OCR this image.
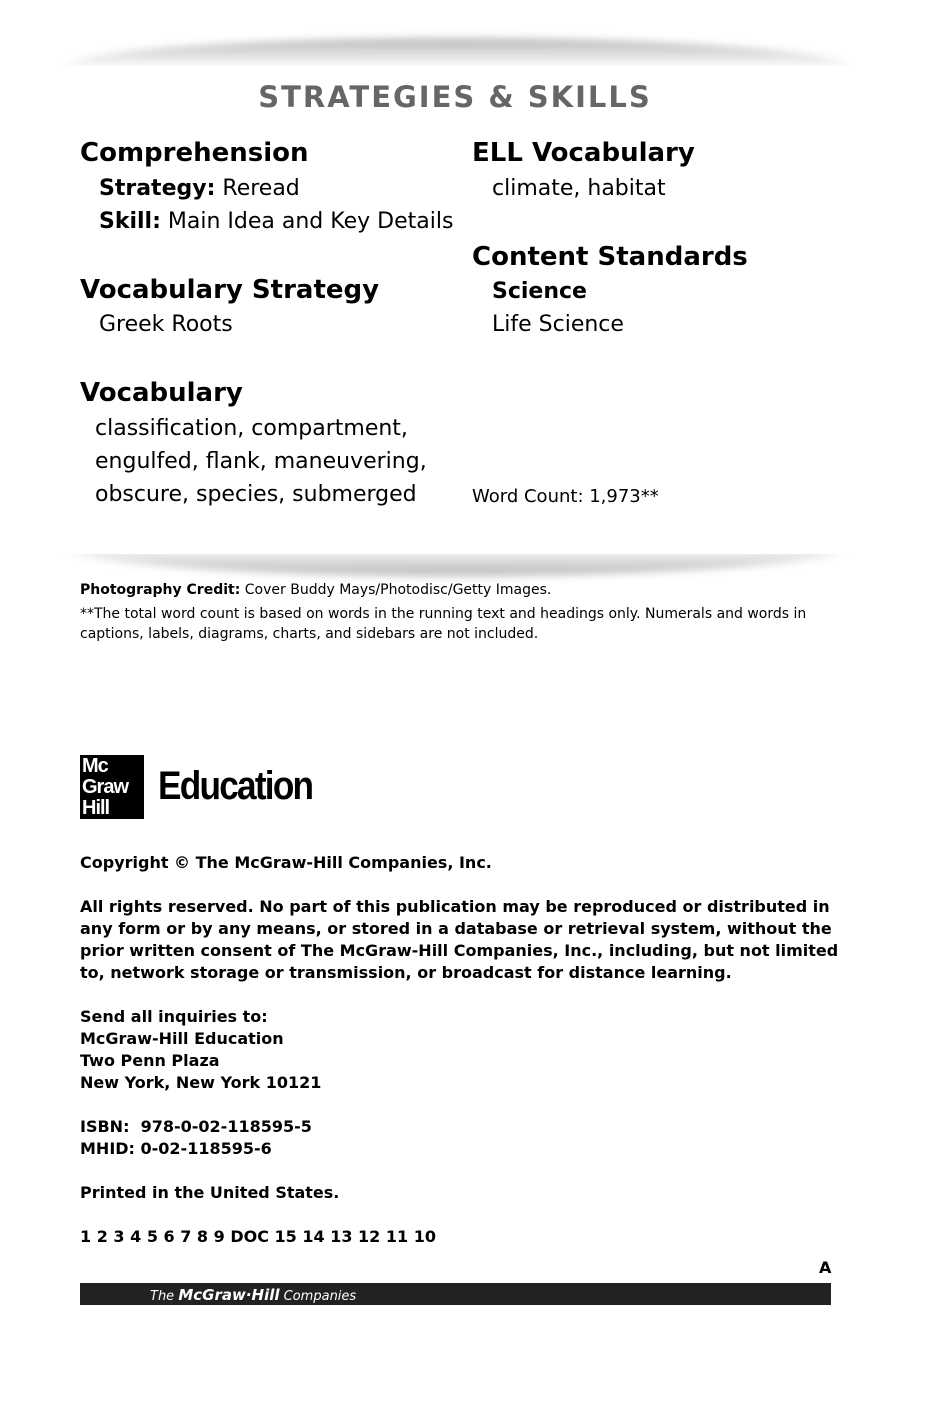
STRATEGIES & SKILLS
Comprehension
Strategy: Reread
Skill: Main Idea and Key Details
Vocabulary Strategy
Greek Roots
Vocabulary
classification, compartment,
engulfed, flank, maneuvering,
obscure, species, submerged
ELL Vocabulary
climate, habitat
Content Standards
Science
Life Science
Word Count: 1,973**
Photography Credit: Cover Buddy Mays/Photodisc/Getty Images.
**The total word count is based on words in the running text and headings only. Numerals and words in captions, labels, diagrams, charts, and sidebars are not included.
Mc
Graw
Hill	Education
Copyright © The McGraw-Hill Companies, Inc.
All rights reserved. No part of this publication may be reproduced or distributed in any form or by any means, or stored in a database or retrieval system, without the prior written consent of The McGraw-Hill Companies, Inc., including, but not limited to, network storage or transmission, or broadcast for distance learning.
Send all inquiries to:
McGraw-Hill Education
Two Penn Plaza
New York, New York 10121
ISBN:  978-0-02-118595-5
MHID: 0-02-118595-6
Printed in the United States.
1 2 3 4 5 6 7 8 9 DOC 15 14 13 12 11 10
A
The McGraw·Hill Companies
